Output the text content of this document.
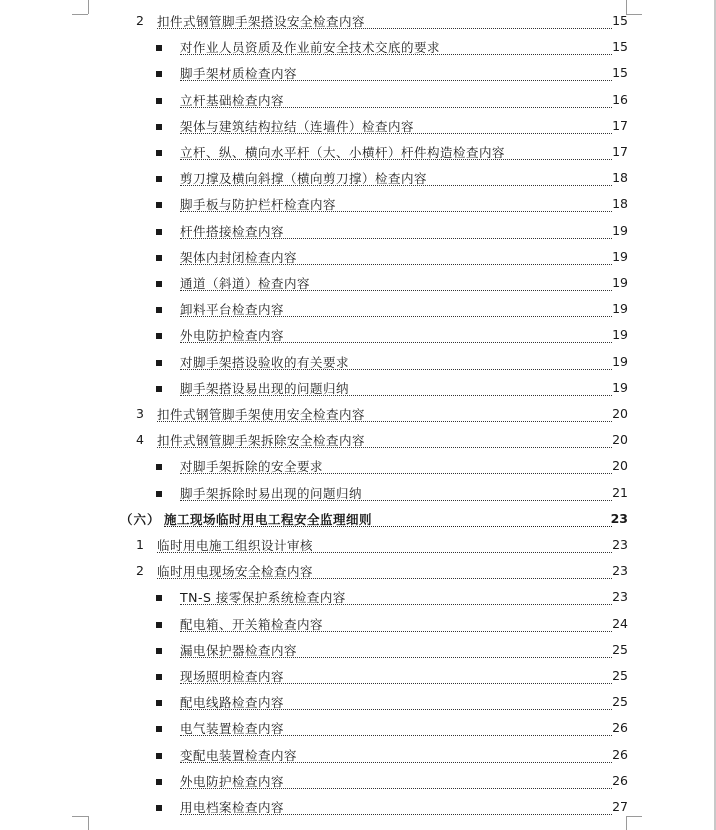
2 扣件式钢管脚手架搭设安全检查内容	15
对作业人员资质及作业前安全技术交底的要求	15
脚手架材质检查内容	15
立杆基础检查内容	16
架体与建筑结构拉结（连墙件）检查内容	17
立杆、纵、横向水平杆（大、小横杆）杆件构造检查内容	17
剪刀撑及横向斜撑（横向剪刀撑）检查内容	18
脚手板与防护栏杆检查内容	18
杆件搭接检查内容	19
架体内封闭检查内容	19
通道（斜道）检查内容	19
卸料平台检查内容	19
外电防护检查内容	19
对脚手架搭设验收的有关要求	19
脚手架搭设易出现的问题归纳	19
3 扣件式钢管脚手架使用安全检查内容	20
4 扣件式钢管脚手架拆除安全检查内容	20
对脚手架拆除的安全要求	20
脚手架拆除时易出现的问题归纳	21
（六） 施工现场临时用电工程安全监理细则	23
1 临时用电施工组织设计审核	23
2 临时用电现场安全检查内容	23
TN-S 接零保护系统检查内容	23
配电箱、开关箱检查内容	24
漏电保护器检查内容	25
现场照明检查内容	25
配电线路检查内容	25
电气装置检查内容	26
变配电装置检查内容	26
外电防护检查内容	26
用电档案检查内容	27
